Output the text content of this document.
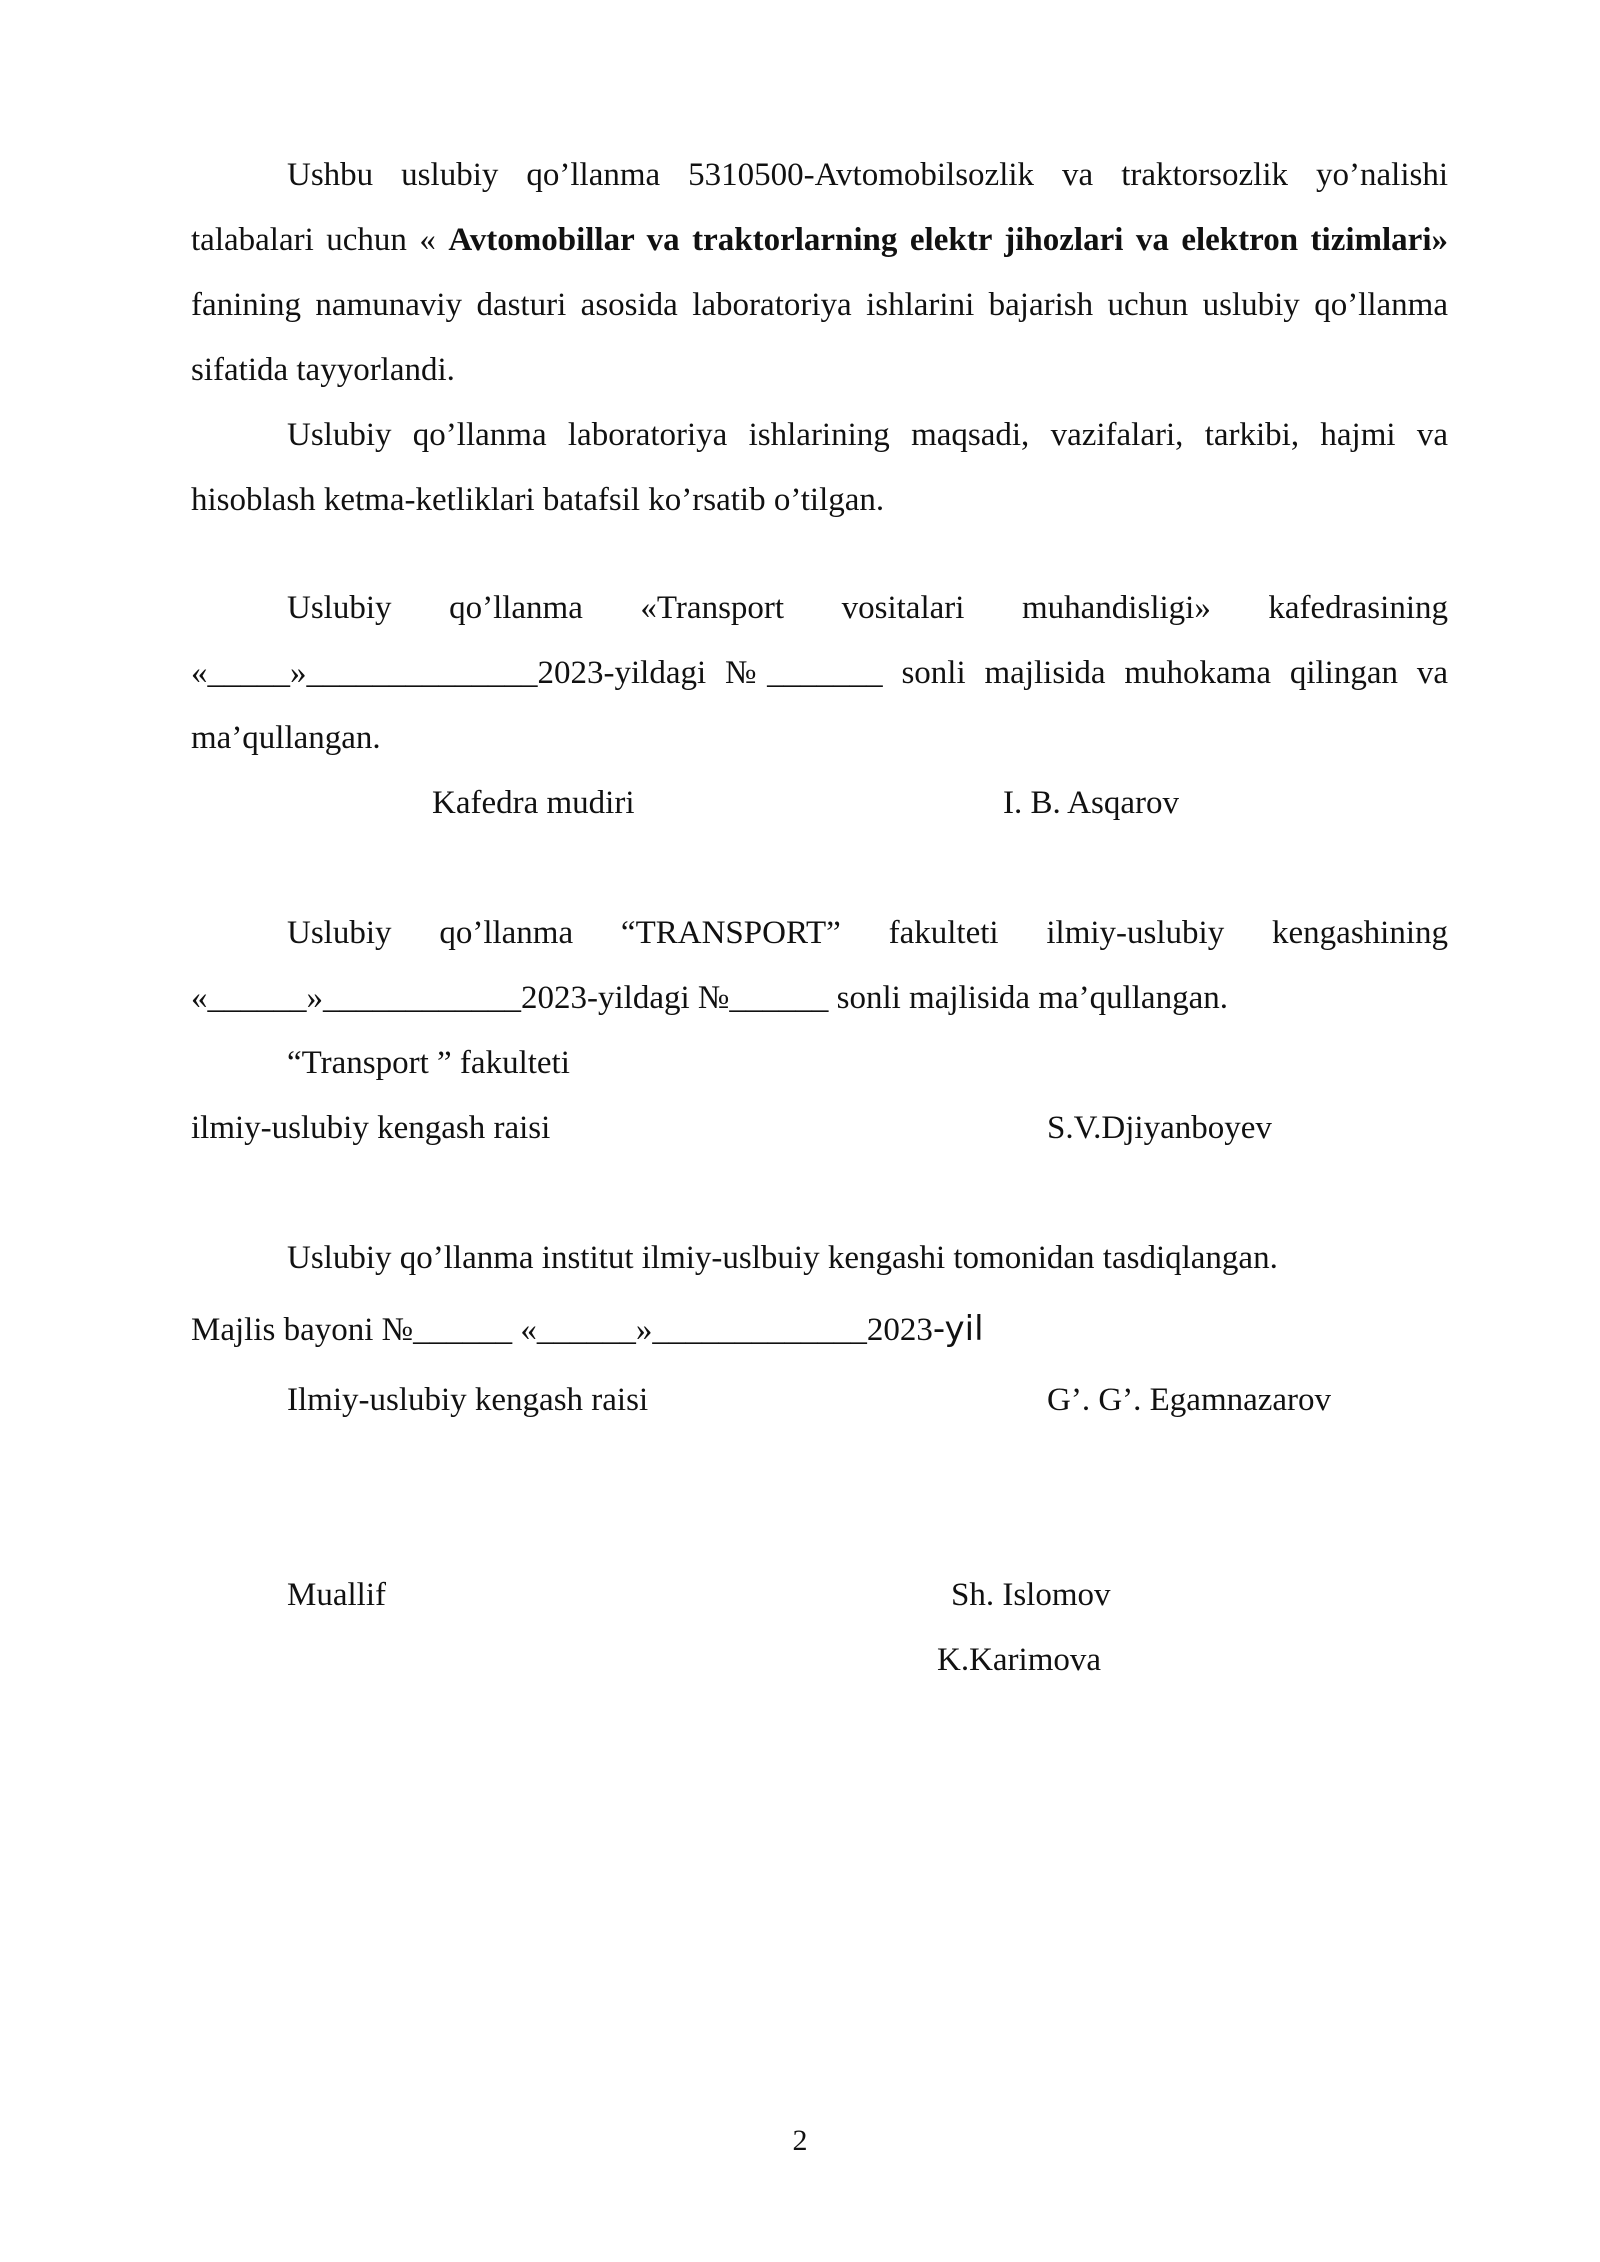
Ushbu uslubiy qo’llanma 5310500-Avtomobilsozlik va traktorsozlik yo’nalishi talabalari uchun « Avtomobillar va traktorlarning elektr jihozlari va elektron tizimlari» fanining namunaviy dasturi asosida laboratoriya ishlarini bajarish uchun uslubiy qo’llanma sifatida tayyorlandi.

Uslubiy qo’llanma laboratoriya ishlarining maqsadi, vazifalari, tarkibi, hajmi va hisoblash ketma-ketliklari batafsil ko’rsatib o’tilgan.

Uslubiy qo’llanma «Transport vositalari muhandisligi» kafedrasining «_____»______________2023-yildagi №_______ sonli majlisida muhokama qilingan va ma’qullangan.

Kafedra mudiri	I. B. Asqarov

Uslubiy qo’llanma “TRANSPORT” fakulteti ilmiy-uslubiy kengashining «______»____________2023-yildagi №______ sonli majlisida ma’qullangan.

“Transport ” fakulteti
ilmiy-uslubiy kengash raisi	S.V.Djiyanboyev

Uslubiy qo’llanma institut ilmiy-uslbuiy kengashi tomonidan tasdiqlangan.

Majlis bayoni №______ «______»_____________2023-yil
Ilmiy-uslubiy kengash raisi	G’. G’. Egamnazarov
Muallif	Sh. Islomov
K.Karimova
2
